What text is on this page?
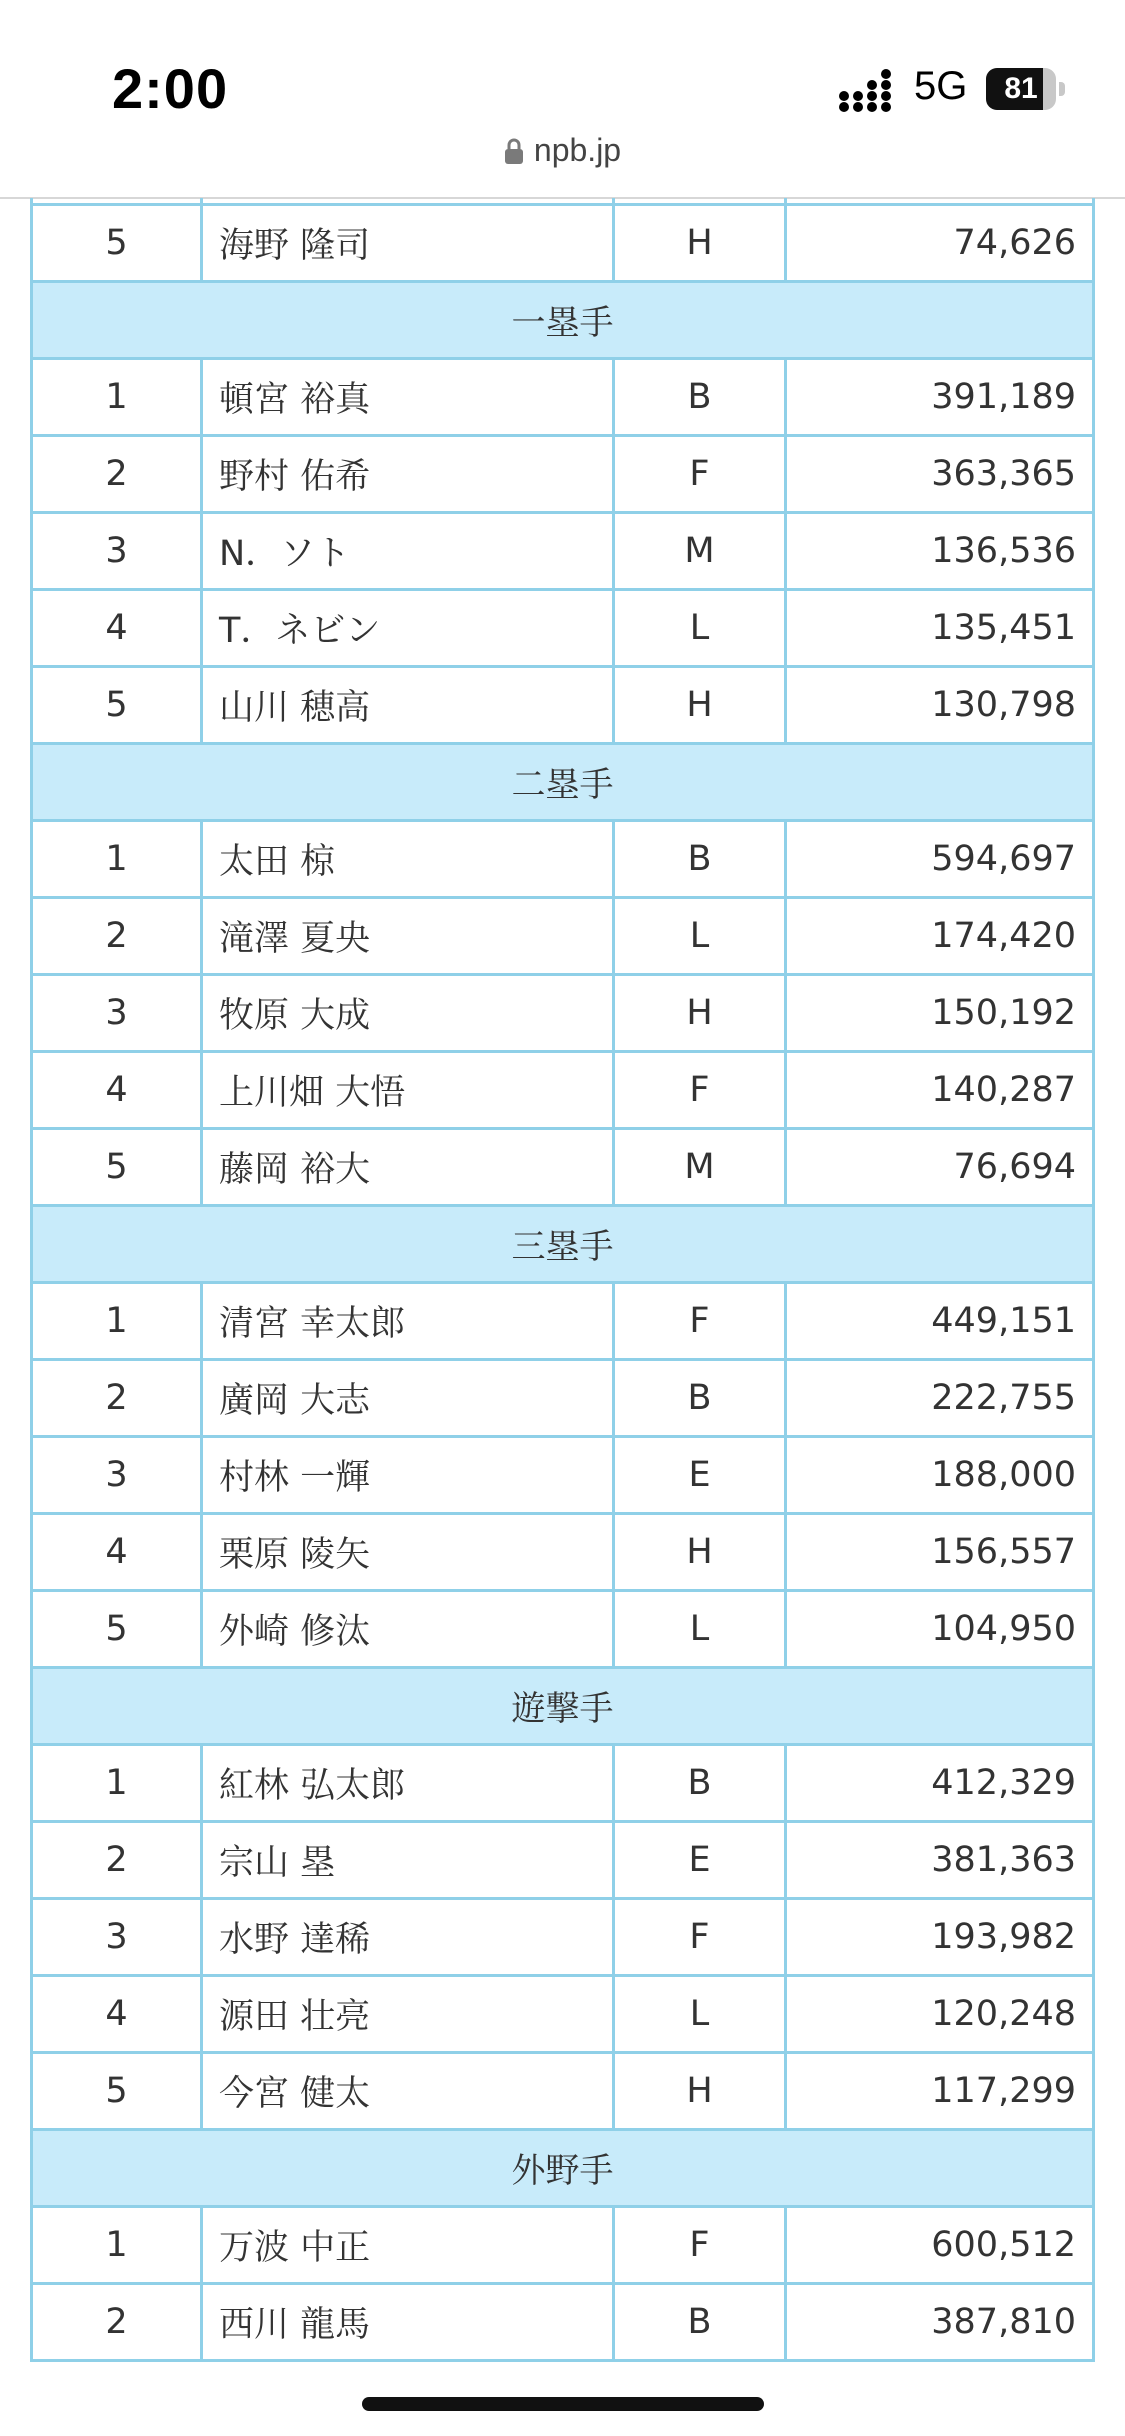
2:00	5G	81
npb.jp

5	海野 隆司	H	74,626
一塁手			
1	頓宮 裕真	B	391,189
2	野村 佑希	F	363,365
3	N．ソト	M	136,536
4	T．ネビン	L	135,451
5	山川 穂高	H	130,798
二塁手			
1	太田 椋	B	594,697
2	滝澤 夏央	L	174,420
3	牧原 大成	H	150,192
4	上川畑 大悟	F	140,287
5	藤岡 裕大	M	76,694
三塁手			
1	清宮 幸太郎	F	449,151
2	廣岡 大志	B	222,755
3	村林 一輝	E	188,000
4	栗原 陵矢	H	156,557
5	外崎 修汰	L	104,950
遊撃手			
1	紅林 弘太郎	B	412,329
2	宗山 塁	E	381,363
3	水野 達稀	F	193,982
4	源田 壮亮	L	120,248
5	今宮 健太	H	117,299
外野手			
1	万波 中正	F	600,512
2	西川 龍馬	B	387,810
